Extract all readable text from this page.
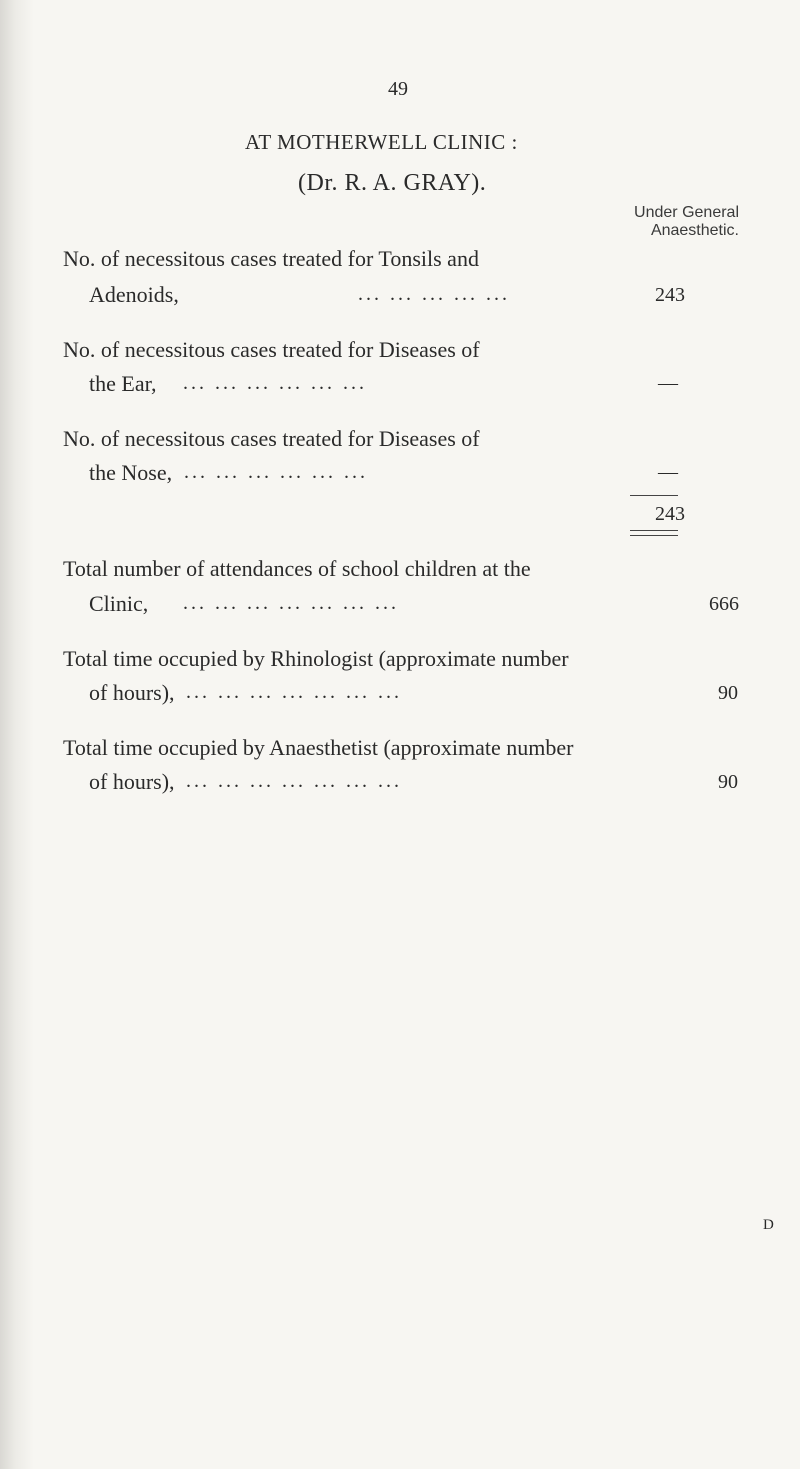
49
AT MOTHERWELL CLINIC :
(Dr. R. A. GRAY).
Under General
Anaesthetic.
No. of necessitous cases treated for Tonsils and
Adenoids,	... ... ... ... ...	243
No. of necessitous cases treated for Diseases of
the Ear, ... ... ... ... ... ...	—
No. of necessitous cases treated for Diseases of
the Nose, ... ... ... ... ... ...	—
243
Total number of attendances of school children at the
Clinic, ... ... ... ... ... ... ...	666
Total time occupied by Rhinologist (approximate number
of hours), ... ... ... ... ... ... ...	90
Total time occupied by Anaesthetist (approximate number
of hours), ... ... ... ... ... ... ...	90
D
